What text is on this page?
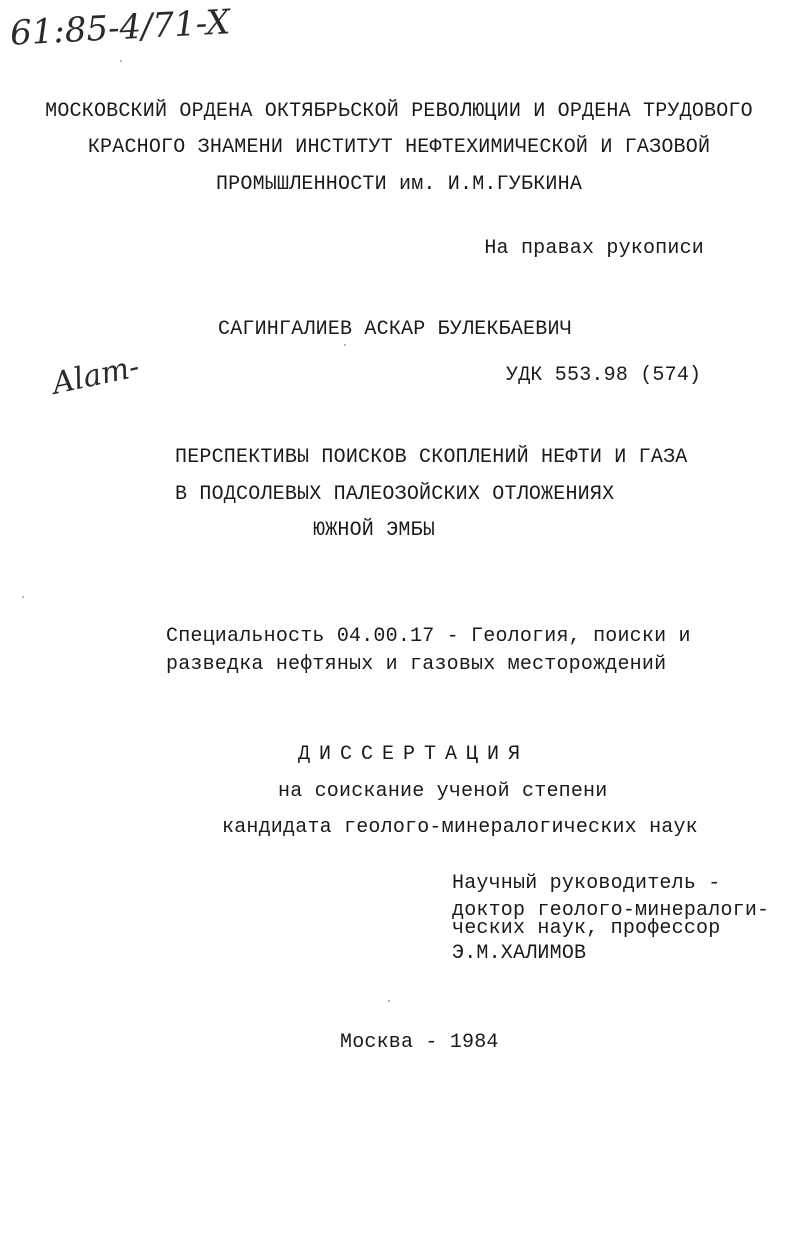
61:85-4/71-X
МОСКОВСКИЙ ОРДЕНА ОКТЯБРЬСКОЙ РЕВОЛЮЦИИ И ОРДЕНА ТРУДОВОГО
КРАСНОГО ЗНАМЕНИ ИНСТИТУТ НЕФТЕХИМИЧЕСКОЙ И ГАЗОВОЙ
ПРОМЫШЛЕННОСТИ им. И.М.ГУБКИНА
На правах рукописи
САГИНГАЛИЕВ АСКАР БУЛЕКБАЕВИЧ
Alam-	УДК 553.98 (574)
ПЕРСПЕКТИВЫ ПОИСКОВ СКОПЛЕНИЙ НЕФТИ И ГАЗА
В ПОДСОЛЕВЫХ ПАЛЕОЗОЙСКИХ ОТЛОЖЕНИЯХ
ЮЖНОЙ ЭМБЫ
Специальность 04.00.17 - Геология, поиски и
разведка нефтяных и газовых месторождений
ДИССЕРТАЦИЯ
на соискание ученой степени
кандидата геолого-минералогических наук
Научный руководитель -
доктор геолого-минералоги-
ческих наук, профессор
Э.М.ХАЛИМОВ
Москва - 1984
